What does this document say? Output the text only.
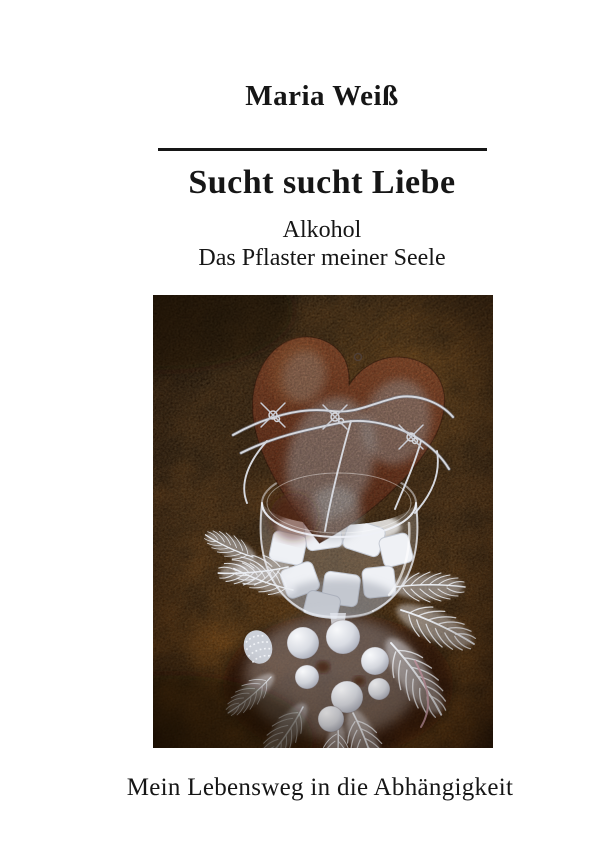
Maria Weiß
Sucht sucht Liebe
Alkohol
Das Pflaster meiner Seele
Mein Lebensweg in die Abhängigkeit
